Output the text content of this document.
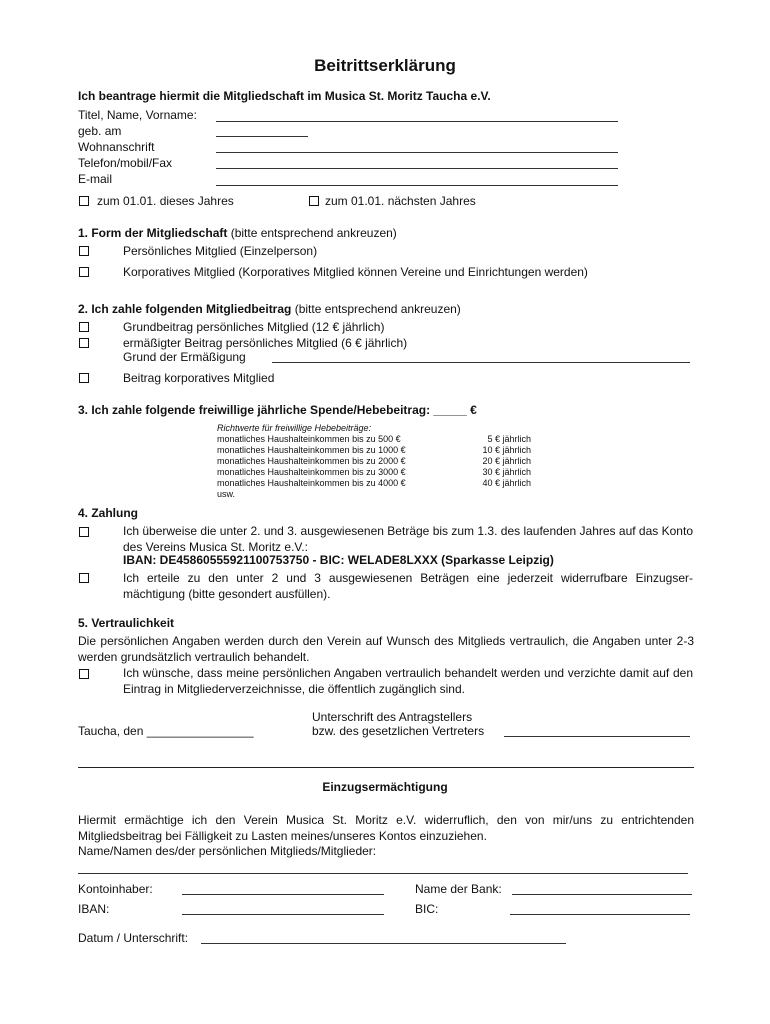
Beitrittserklärung
Ich beantrage hiermit die Mitgliedschaft im Musica St. Moritz Taucha e.V.
Titel, Name, Vorname:
geb. am
Wohnanschrift
Telefon/mobil/Fax
E-mail
zum 01.01. dieses Jahres	zum 01.01. nächsten Jahres
1. Form der Mitgliedschaft (bitte entsprechend ankreuzen)
Persönliches Mitglied (Einzelperson)
Korporatives Mitglied (Korporatives Mitglied können Vereine und Einrichtungen werden)
2. Ich zahle folgenden Mitgliedbeitrag (bitte entsprechend ankreuzen)
Grundbeitrag persönliches Mitglied (12 € jährlich)
ermäßigter Beitrag persönliches Mitglied (6 € jährlich)
Grund der Ermäßigung
Beitrag korporatives Mitglied
3. Ich zahle folgende freiwillige jährliche Spende/Hebebeitrag: _____ €
Richtwerte für freiwillige Hebebeiträge:
monatliches Haushalteinkommen bis zu 500 €	5 € jährlich
monatliches Haushalteinkommen bis zu 1000 €	10 € jährlich
monatliches Haushalteinkommen bis zu 2000 €	20 € jährlich
monatliches Haushalteinkommen bis zu 3000 €	30 € jährlich
monatliches Haushalteinkommen bis zu 4000 €	40 € jährlich
usw.
4. Zahlung
Ich überweise die unter 2. und 3. ausgewiesenen Beträge bis zum 1.3. des laufenden Jahres auf das Konto des Vereins Musica St. Moritz e.V.:
IBAN: DE45860555921100753750 - BIC: WELADE8LXXX (Sparkasse Leipzig)
Ich erteile zu den unter 2 und 3 ausgewiesenen Beträgen eine jederzeit widerrufbare Einzugser-mächtigung (bitte gesondert ausfüllen).
5. Vertraulichkeit
Die persönlichen Angaben werden durch den Verein auf Wunsch des Mitglieds vertraulich, die Angaben unter 2-3 werden grundsätzlich vertraulich behandelt.
Ich wünsche, dass meine persönlichen Angaben vertraulich behandelt werden und verzichte damit auf den Eintrag in Mitgliederverzeichnisse, die öffentlich zugänglich sind.
Taucha, den ________________
Unterschrift des Antragstellers
bzw. des gesetzlichen Vertreters
Einzugsermächtigung
Hiermit ermächtige ich den Verein Musica St. Moritz e.V. widerruflich, den von mir/uns zu entrichtenden Mitgliedsbeitrag bei Fälligkeit zu Lasten meines/unseres Kontos einzuziehen.
Name/Namen des/der persönlichen Mitglieds/Mitglieder:
Kontoinhaber:	Name der Bank:
IBAN:	BIC:
Datum / Unterschrift:
